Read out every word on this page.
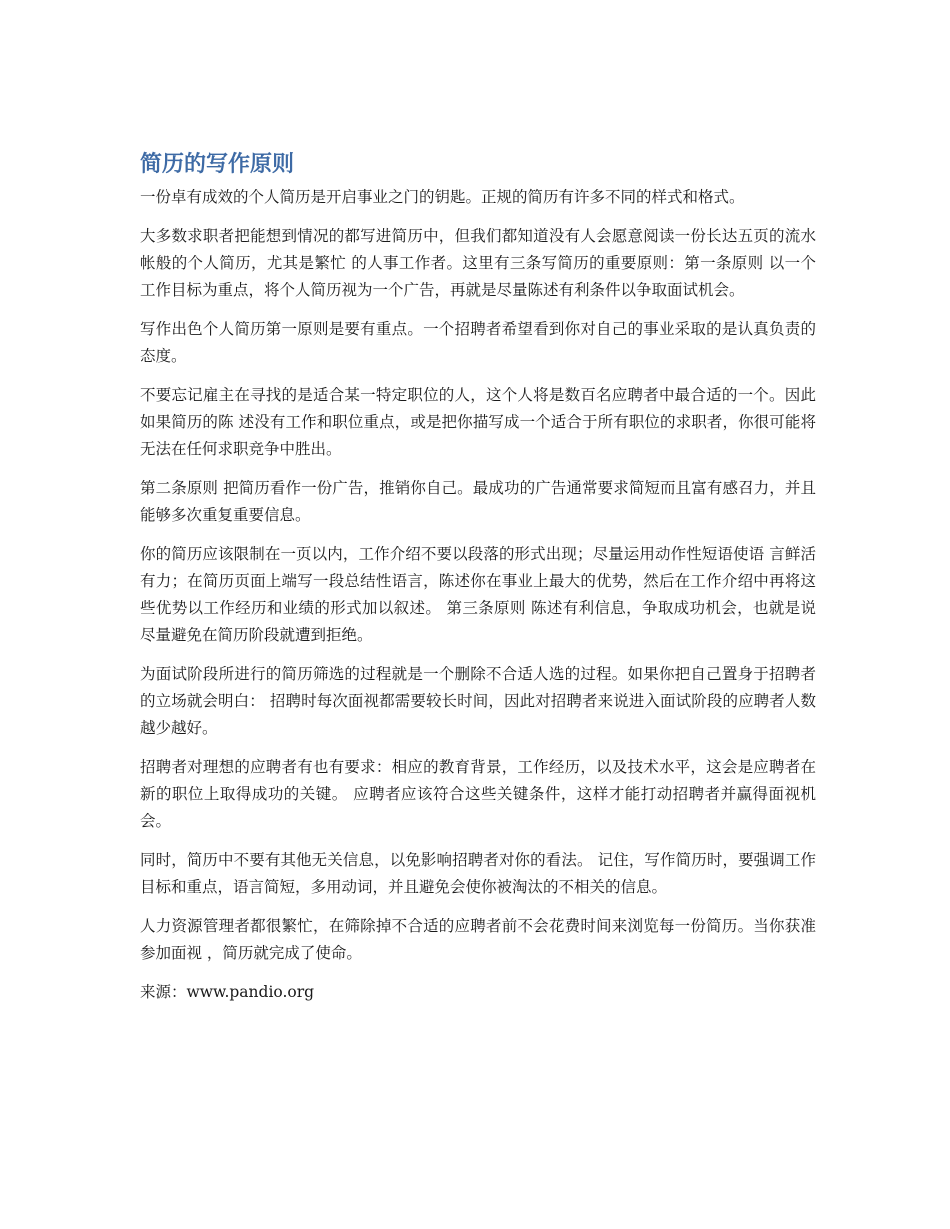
简历的写作原则

一份卓有成效的个人简历是开启事业之门的钥匙。正规的简历有许多不同的样式和格式。

大多数求职者把能想到情况的都写进简历中，但我们都知道没有人会愿意阅读一份长达五页的流水帐般的个人简历，尤其是繁忙 的人事工作者。这里有三条写简历的重要原则：第一条原则 以一个工作目标为重点，将个人简历视为一个广告，再就是尽量陈述有利条件以争取面试机会。

写作出色个人简历第一原则是要有重点。一个招聘者希望看到你对自己的事业采取的是认真负责的态度。

不要忘记雇主在寻找的是适合某一特定职位的人，这个人将是数百名应聘者中最合适的一个。因此如果简历的陈 述没有工作和职位重点，或是把你描写成一个适合于所有职位的求职者，你很可能将无法在任何求职竞争中胜出。

第二条原则 把简历看作一份广告，推销你自己。最成功的广告通常要求简短而且富有感召力，并且能够多次重复重要信息。

你的简历应该限制在一页以内，工作介绍不要以段落的形式出现；尽量运用动作性短语使语 言鲜活有力；在简历页面上端写一段总结性语言，陈述你在事业上最大的优势，然后在工作介绍中再将这些优势以工作经历和业绩的形式加以叙述。 第三条原则 陈述有利信息，争取成功机会，也就是说尽量避免在简历阶段就遭到拒绝。

为面试阶段所进行的简历筛选的过程就是一个删除不合适人选的过程。如果你把自己置身于招聘者的立场就会明白： 招聘时每次面视都需要较长时间，因此对招聘者来说进入面试阶段的应聘者人数越少越好。

招聘者对理想的应聘者有也有要求：相应的教育背景，工作经历，以及技术水平，这会是应聘者在新的职位上取得成功的关键。 应聘者应该符合这些关键条件，这样才能打动招聘者并赢得面视机会。

同时，简历中不要有其他无关信息，以免影响招聘者对你的看法。 记住，写作简历时，要强调工作目标和重点，语言简短，多用动词，并且避免会使你被淘汰的不相关的信息。

人力资源管理者都很繁忙，在筛除掉不合适的应聘者前不会花费时间来浏览每一份简历。当你获准参加面视 ，简历就完成了使命。

来源：www.pandio.org
